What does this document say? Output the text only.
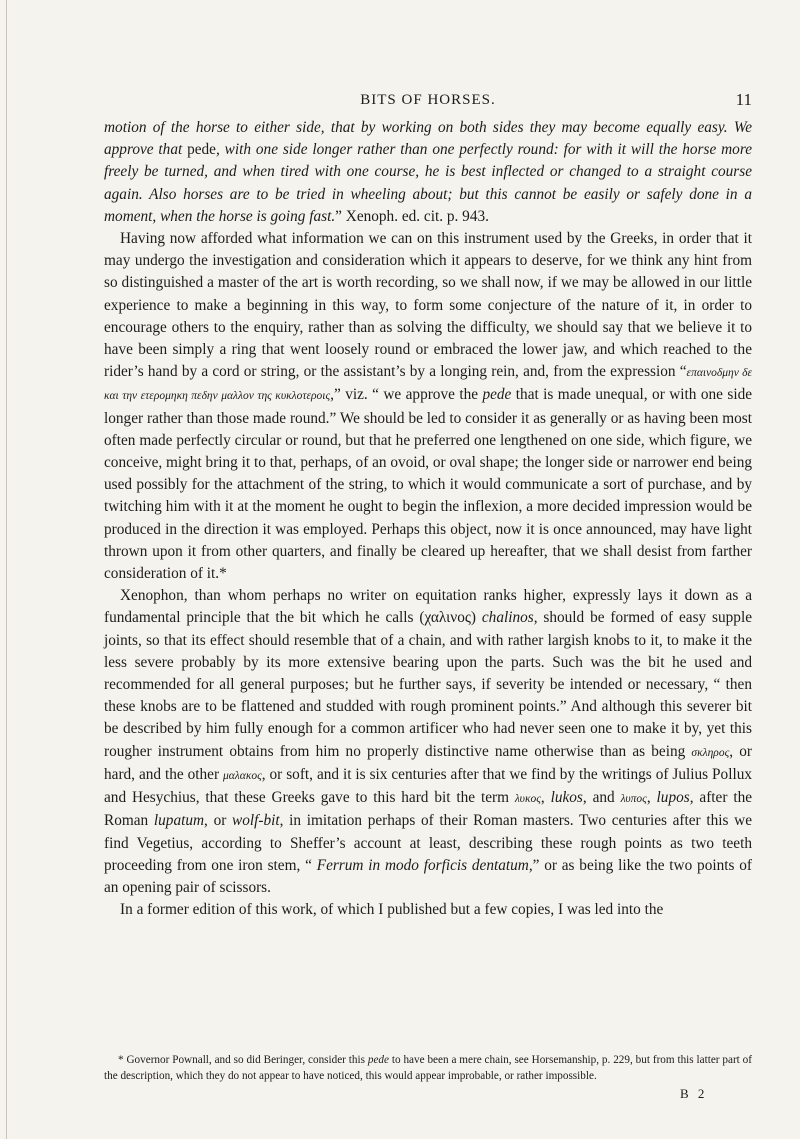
BITS OF HORSES.	11

motion of the horse to either side, that by working on both sides they may become equally easy. We approve that pede, with one side longer rather than one perfectly round: for with it will the horse more freely be turned, and when tired with one course, he is best inflected or changed to a straight course again. Also horses are to be tried in wheeling about; but this cannot be easily or safely done in a moment, when the horse is going fast.” Xenoph. ed. cit. p. 943.

Having now afforded what information we can on this instrument used by the Greeks, in order that it may undergo the investigation and consideration which it appears to deserve, for we think any hint from so distinguished a master of the art is worth recording, so we shall now, if we may be allowed in our little experience to make a beginning in this way, to form some conjecture of the nature of it, in order to encourage others to the enquiry, rather than as solving the difficulty, we should say that we believe it to have been simply a ring that went loosely round or embraced the lower jaw, and which reached to the rider’s hand by a cord or string, or the assistant’s by a longing rein, and, from the expression “επαινοδμην δε και την ετερομηκη πεδην μαλλον της κυκλοτεροις,” viz. “ we approve the pede that is made unequal, or with one side longer rather than those made round.” We should be led to consider it as generally or as having been most often made perfectly circular or round, but that he preferred one lengthened on one side, which figure, we conceive, might bring it to that, perhaps, of an ovoid, or oval shape; the longer side or narrower end being used possibly for the attachment of the string, to which it would communicate a sort of purchase, and by twitching him with it at the moment he ought to begin the inflexion, a more decided impression would be produced in the direction it was employed. Perhaps this object, now it is once announced, may have light thrown upon it from other quarters, and finally be cleared up hereafter, that we shall desist from farther consideration of it.*

Xenophon, than whom perhaps no writer on equitation ranks higher, expressly lays it down as a fundamental principle that the bit which he calls (χαλινος) chalinos, should be formed of easy supple joints, so that its effect should resemble that of a chain, and with rather largish knobs to it, to make it the less severe probably by its more extensive bearing upon the parts. Such was the bit he used and recommended for all general purposes; but he further says, if severity be intended or necessary, “ then these knobs are to be flattened and studded with rough prominent points.” And although this severer bit be described by him fully enough for a common artificer who had never seen one to make it by, yet this rougher instrument obtains from him no properly distinctive name otherwise than as being σκληρος, or hard, and the other μαλακος, or soft, and it is six centuries after that we find by the writings of Julius Pollux and Hesychius, that these Greeks gave to this hard bit the term λυκος, lukos, and λυπος, lupos, after the Roman lupatum, or wolf-bit, in imitation perhaps of their Roman masters. Two centuries after this we find Vegetius, according to Sheffer’s account at least, describing these rough points as two teeth proceeding from one iron stem, “ Ferrum in modo forficis dentatum,” or as being like the two points of an opening pair of scissors.

In a former edition of this work, of which I published but a few copies, I was led into the

* Governor Pownall, and so did Beringer, consider this pede to have been a mere chain, see Horsemanship, p. 229, but from this latter part of the description, which they do not appear to have noticed, this would appear improbable, or rather impossible.

B 2
